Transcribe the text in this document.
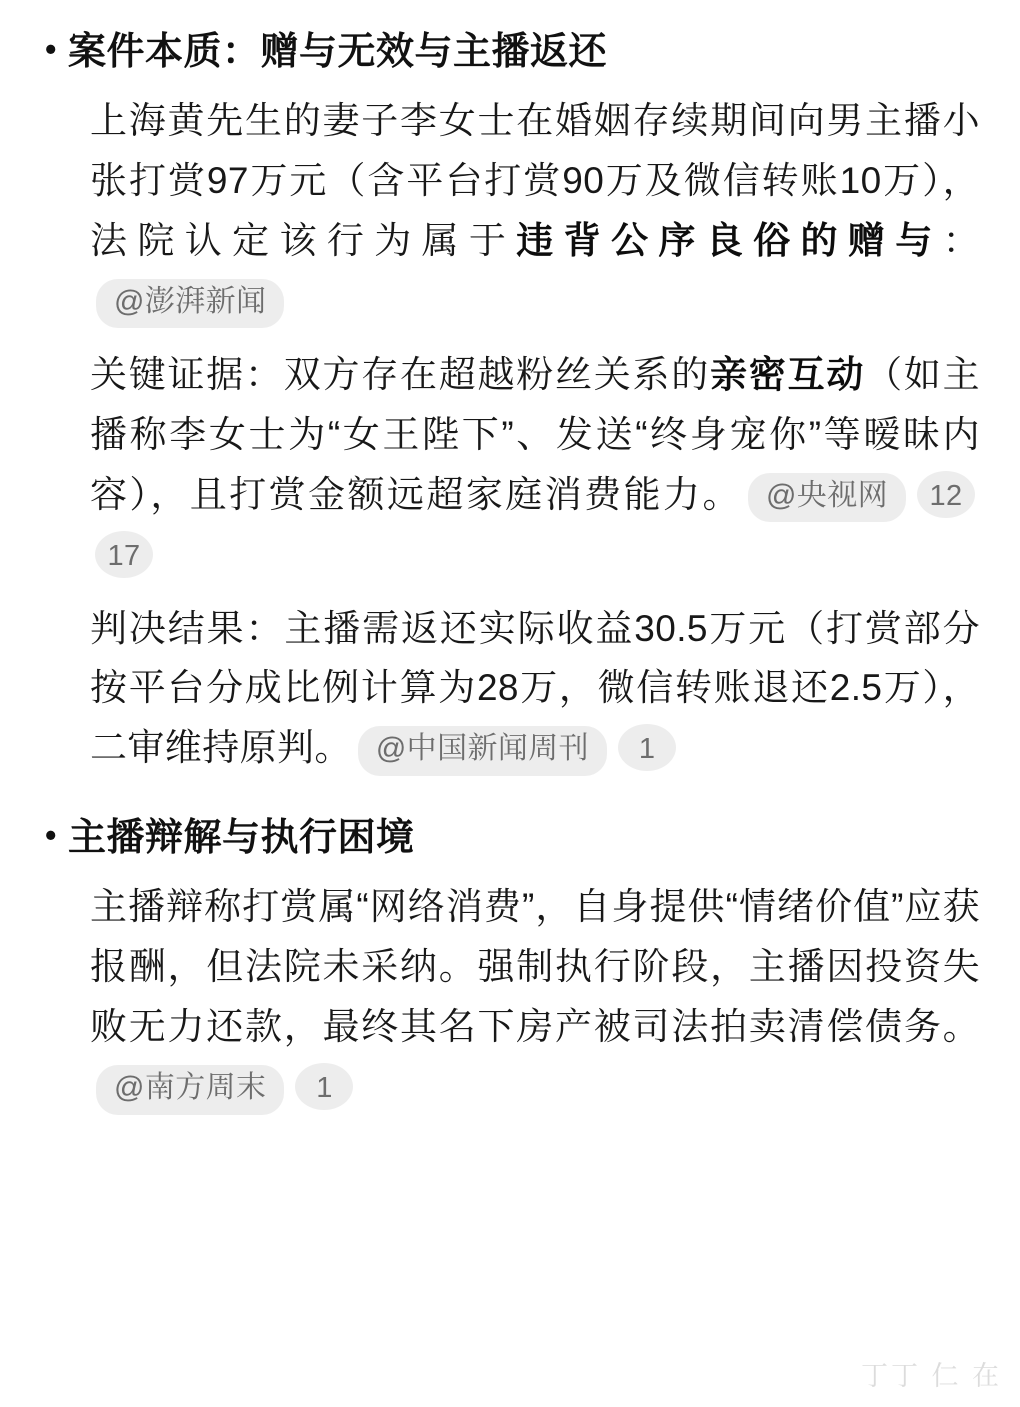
• 案件本质：赠与无效与主播返还

上海黄先生的妻子李女士在婚姻存续期间向男主播小张打赏97万元（含平台打赏90万及微信转账10万），法院认定该行为属于违背公序良俗的赠与：@澎湃新闻

关键证据：双方存在超越粉丝关系的亲密互动（如主播称李女士为“女王陛下”、发送“终身宠你”等暧昧内容），且打赏金额远超家庭消费能力。 @央视网 1217

判决结果：主播需返还实际收益30.5万元（打赏部分按平台分成比例计算为28万，微信转账退还2.5万），二审维持原判。 @中国新闻周刊 1

• 主播辩解与执行困境

主播辩称打赏属“网络消费”，自身提供“情绪价值”应获报酬，但法院未采纳。强制执行阶段，主播因投资失败无力还款，最终其名下房产被司法拍卖清偿债务。@南方周末 1

丁丁 仁 在
